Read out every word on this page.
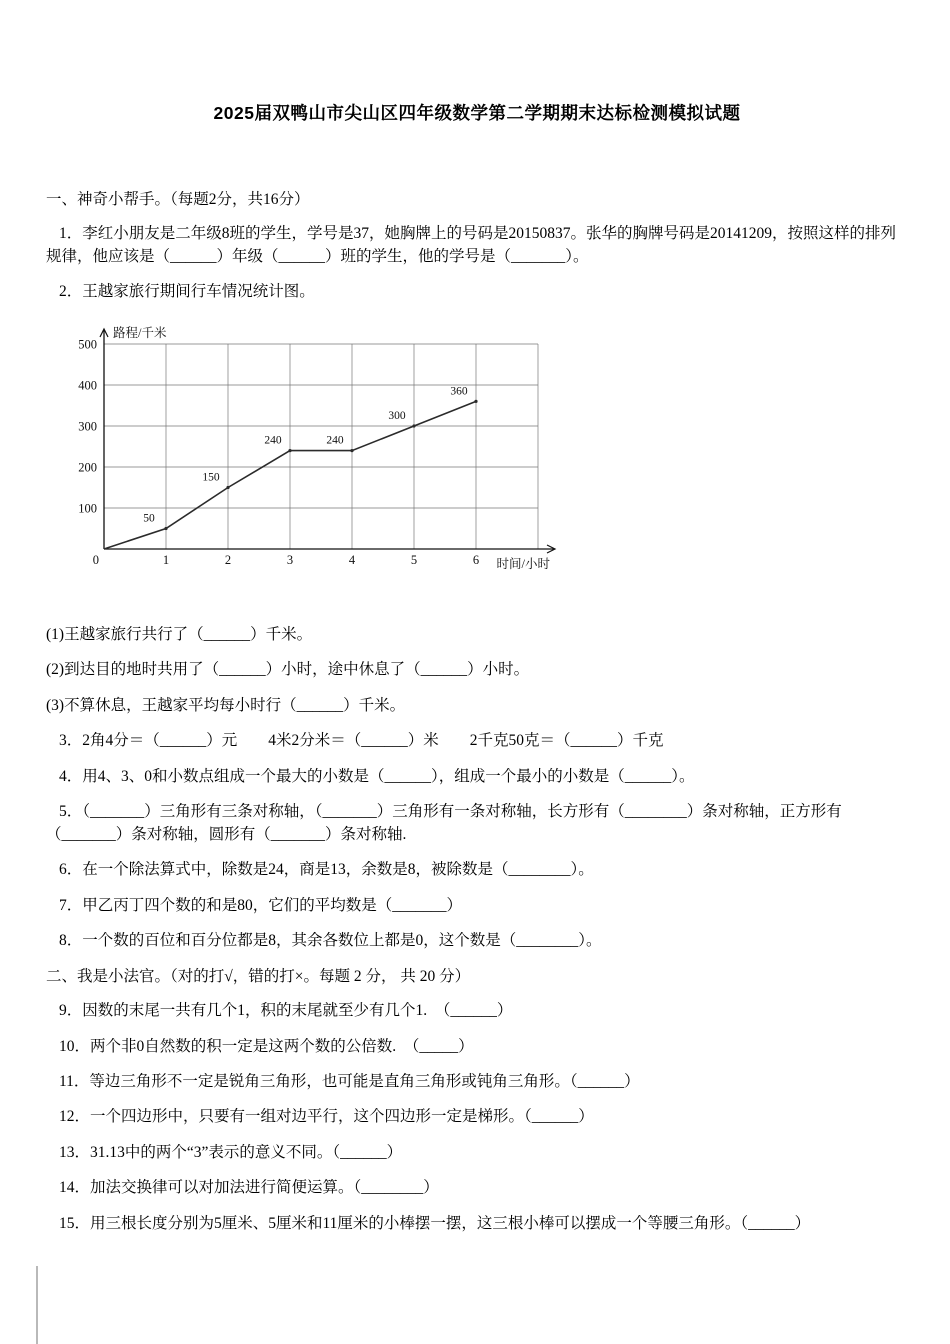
2025届双鸭山市尖山区四年级数学第二学期期末达标检测模拟试题

一、神奇小帮手。（每题2分，共16分）

1．李红小朋友是二年级8班的学生，学号是37，她胸牌上的号码是20150837。张华的胸牌号码是20141209，按照这样的排列规律，他应该是（______）年级（______）班的学生，他的学号是（_______）。

2．王越家旅行期间行车情况统计图。

100
200
300
400
500
0	1	2	3	4	5	6
路程/千米
时间/小时
50
150
240	240
300
360

(1)王越家旅行共行了（______）千米。

(2)到达目的地时共用了（______）小时，途中休息了（______）小时。

(3)不算休息，王越家平均每小时行（______）千米。

3．2角4分＝（______）元　　4米2分米＝（______）米　　2千克50克＝（______）千克

4．用4、3、0和小数点组成一个最大的小数是（______），组成一个最小的小数是（______）。

5．（_______）三角形有三条对称轴，（_______）三角形有一条对称轴，长方形有（________）条对称轴，正方形有（_______）条对称轴，圆形有（_______）条对称轴.

6．在一个除法算式中，除数是24，商是13，余数是8，被除数是（________）。

7．甲乙丙丁四个数的和是80，它们的平均数是（_______）

8．一个数的百位和百分位都是8，其余各数位上都是0，这个数是（________）。

二、我是小法官。（对的打√，错的打×。每题 2 分， 共 20 分）

9．因数的末尾一共有几个1，积的末尾就至少有几个1.　（______）

10．两个非0自然数的积一定是这两个数的公倍数.　（_____）

11．等边三角形不一定是锐角三角形，也可能是直角三角形或钝角三角形。（______）

12．一个四边形中，只要有一组对边平行，这个四边形一定是梯形。（______）

13．31.13中的两个“3”表示的意义不同。（______）

14．加法交换律可以对加法进行简便运算。（________）

15．用三根长度分别为5厘米、5厘米和11厘米的小棒摆一摆，这三根小棒可以摆成一个等腰三角形。（______）
